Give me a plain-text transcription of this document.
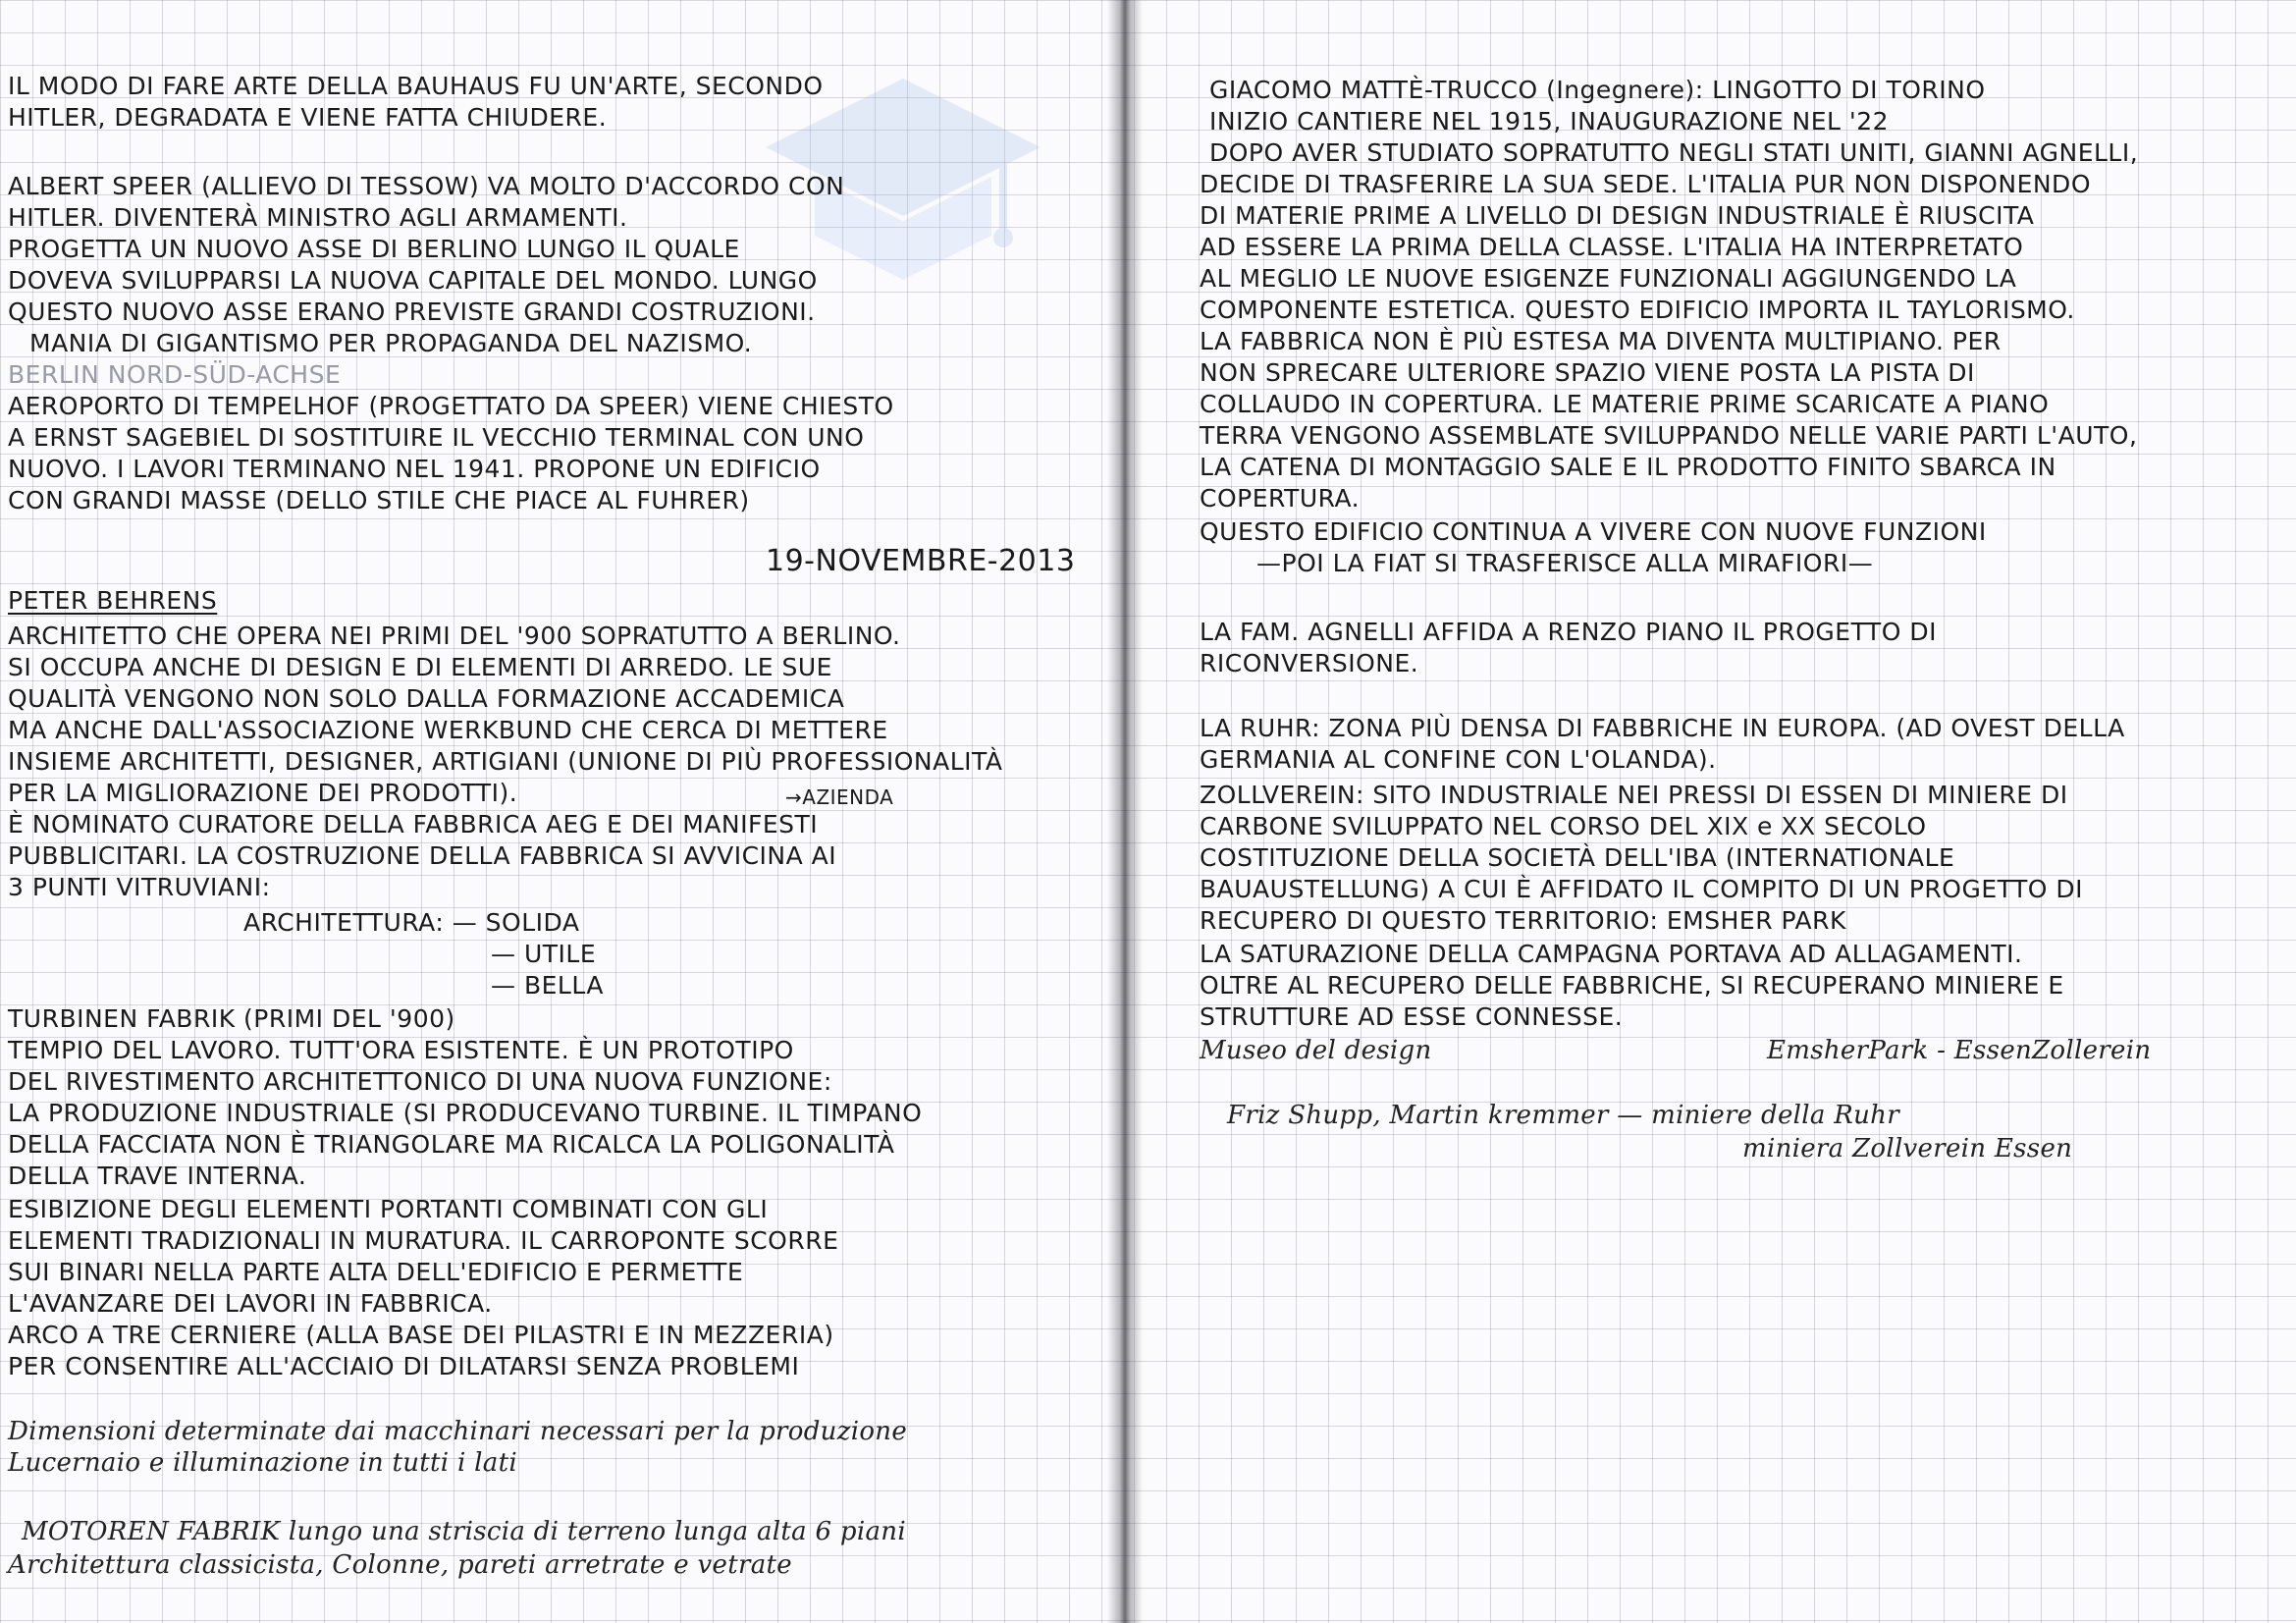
IL MODO DI FARE ARTE DELLA BAUHAUS FU UN'ARTE, SECONDO
HITLER, DEGRADATA E VIENE FATTA CHIUDERE.
ALBERT SPEER (ALLIEVO DI TESSOW) VA MOLTO D'ACCORDO CON
HITLER. DIVENTERÀ MINISTRO AGLI ARMAMENTI.
PROGETTA UN NUOVO ASSE DI BERLINO LUNGO IL QUALE
DOVEVA SVILUPPARSI LA NUOVA CAPITALE DEL MONDO. LUNGO
QUESTO NUOVO ASSE ERANO PREVISTE GRANDI COSTRUZIONI.
MANIA DI GIGANTISMO PER PROPAGANDA DEL NAZISMO.
BERLIN NORD-SÜD-ACHSE
AEROPORTO DI TEMPELHOF (PROGETTATO DA SPEER) VIENE CHIESTO
A ERNST SAGEBIEL DI SOSTITUIRE IL VECCHIO TERMINAL CON UNO
NUOVO. I LAVORI TERMINANO NEL 1941. PROPONE UN EDIFICIO
CON GRANDI MASSE (DELLO STILE CHE PIACE AL FUHRER)
19-NOVEMBRE-2013
PETER BEHRENS
ARCHITETTO CHE OPERA NEI PRIMI DEL '900 SOPRATUTTO A BERLINO.
SI OCCUPA ANCHE DI DESIGN E DI ELEMENTI DI ARREDO. LE SUE
QUALITÀ VENGONO NON SOLO DALLA FORMAZIONE ACCADEMICA
MA ANCHE DALL'ASSOCIAZIONE WERKBUND CHE CERCA DI METTERE
INSIEME ARCHITETTI, DESIGNER, ARTIGIANI (UNIONE DI PIÙ PROFESSIONALITÀ
PER LA MIGLIORAZIONE DEI PRODOTTI).	→AZIENDA
È NOMINATO CURATORE DELLA FABBRICA AEG E DEI MANIFESTI
PUBBLICITARI. LA COSTRUZIONE DELLA FABBRICA SI AVVICINA AI
3 PUNTI VITRUVIANI:
ARCHITETTURA: — SOLIDA
— UTILE
— BELLA
TURBINEN FABRIK (PRIMI DEL '900)
TEMPIO DEL LAVORO. TUTT'ORA ESISTENTE. È UN PROTOTIPO
DEL RIVESTIMENTO ARCHITETTONICO DI UNA NUOVA FUNZIONE:
LA PRODUZIONE INDUSTRIALE (SI PRODUCEVANO TURBINE. IL TIMPANO
DELLA FACCIATA NON È TRIANGOLARE MA RICALCA LA POLIGONALITÀ
DELLA TRAVE INTERNA.
ESIBIZIONE DEGLI ELEMENTI PORTANTI COMBINATI CON GLI
ELEMENTI TRADIZIONALI IN MURATURA. IL CARROPONTE SCORRE
SUI BINARI NELLA PARTE ALTA DELL'EDIFICIO E PERMETTE
L'AVANZARE DEI LAVORI IN FABBRICA.
ARCO A TRE CERNIERE (ALLA BASE DEI PILASTRI E IN MEZZERIA)
PER CONSENTIRE ALL'ACCIAIO DI DILATARSI SENZA PROBLEMI
Dimensioni determinate dai macchinari necessari per la produzione
Lucernaio e illuminazione in tutti i lati
MOTOREN FABRIK lungo una striscia di terreno lunga alta 6 piani
Architettura classicista, Colonne, pareti arretrate e vetrate
GIACOMO MATTÈ-TRUCCO (Ingegnere): LINGOTTO DI TORINO
INIZIO CANTIERE NEL 1915, INAUGURAZIONE NEL '22
DOPO AVER STUDIATO SOPRATUTTO NEGLI STATI UNITI, GIANNI AGNELLI,
DECIDE DI TRASFERIRE LA SUA SEDE. L'ITALIA PUR NON DISPONENDO
DI MATERIE PRIME A LIVELLO DI DESIGN INDUSTRIALE È RIUSCITA
AD ESSERE LA PRIMA DELLA CLASSE. L'ITALIA HA INTERPRETATO
AL MEGLIO LE NUOVE ESIGENZE FUNZIONALI AGGIUNGENDO LA
COMPONENTE ESTETICA. QUESTO EDIFICIO IMPORTA IL TAYLORISMO.
LA FABBRICA NON È PIÙ ESTESA MA DIVENTA MULTIPIANO. PER
NON SPRECARE ULTERIORE SPAZIO VIENE POSTA LA PISTA DI
COLLAUDO IN COPERTURA. LE MATERIE PRIME SCARICATE A PIANO
TERRA VENGONO ASSEMBLATE SVILUPPANDO NELLE VARIE PARTI L'AUTO,
LA CATENA DI MONTAGGIO SALE E IL PRODOTTO FINITO SBARCA IN
COPERTURA.
QUESTO EDIFICIO CONTINUA A VIVERE CON NUOVE FUNZIONI
—POI LA FIAT SI TRASFERISCE ALLA MIRAFIORI—
LA FAM. AGNELLI AFFIDA A RENZO PIANO IL PROGETTO DI
RICONVERSIONE.
LA RUHR: ZONA PIÙ DENSA DI FABBRICHE IN EUROPA. (AD OVEST DELLA
GERMANIA AL CONFINE CON L'OLANDA).
ZOLLVEREIN: SITO INDUSTRIALE NEI PRESSI DI ESSEN DI MINIERE DI
CARBONE SVILUPPATO NEL CORSO DEL XIX e XX SECOLO
COSTITUZIONE DELLA SOCIETÀ DELL'IBA (INTERNATIONALE
BAUAUSTELLUNG) A CUI È AFFIDATO IL COMPITO DI UN PROGETTO DI
RECUPERO DI QUESTO TERRITORIO: EMSHER PARK
LA SATURAZIONE DELLA CAMPAGNA PORTAVA AD ALLAGAMENTI.
OLTRE AL RECUPERO DELLE FABBRICHE, SI RECUPERANO MINIERE E
STRUTTURE AD ESSE CONNESSE.
Museo del design	EmsherPark - EssenZollerein
Friz Shupp, Martin kremmer — miniere della Ruhr
miniera Zollverein Essen
